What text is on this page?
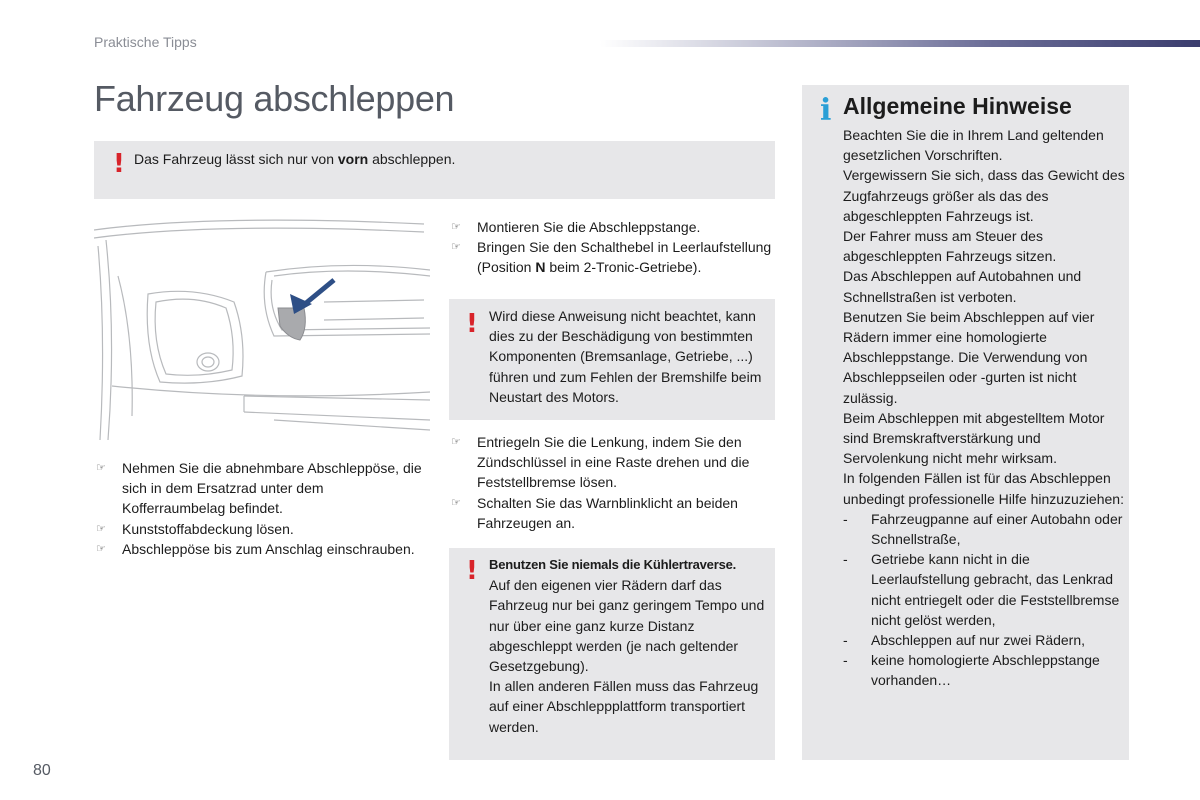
Praktische Tipps
Fahrzeug abschleppen
! Das Fahrzeug lässt sich nur von vorn abschleppen.
☞ Nehmen Sie die abnehmbare Abschleppöse, die sich in dem Ersatzrad unter dem Kofferraumbelag befindet.
☞ Kunststoffabdeckung lösen.
☞ Abschleppöse bis zum Anschlag einschrauben.
☞ Montieren Sie die Abschleppstange.
☞ Bringen Sie den Schalthebel in Leerlaufstellung (Position N beim 2-Tronic-Getriebe).
! Wird diese Anweisung nicht beachtet, kann dies zu der Beschädigung von bestimmten Komponenten (Bremsanlage, Getriebe, ...) führen und zum Fehlen der Bremshilfe beim Neustart des Motors.
☞ Entriegeln Sie die Lenkung, indem Sie den Zündschlüssel in eine Raste drehen und die Feststellbremse lösen.
☞ Schalten Sie das Warnblinklicht an beiden Fahrzeugen an.
! Benutzen Sie niemals die Kühlertraverse.
Auf den eigenen vier Rädern darf das Fahrzeug nur bei ganz geringem Tempo und nur über eine ganz kurze Distanz abgeschleppt werden (je nach geltender Gesetzgebung).
In allen anderen Fällen muss das Fahrzeug auf einer Abschleppplattform transportiert werden.
i Allgemeine Hinweise
Beachten Sie die in Ihrem Land geltenden gesetzlichen Vorschriften.
Vergewissern Sie sich, dass das Gewicht des Zugfahrzeugs größer als das des abgeschleppten Fahrzeugs ist.
Der Fahrer muss am Steuer des abgeschleppten Fahrzeugs sitzen.
Das Abschleppen auf Autobahnen und Schnellstraßen ist verboten.
Benutzen Sie beim Abschleppen auf vier Rädern immer eine homologierte Abschleppstange. Die Verwendung von Abschleppseilen oder -gurten ist nicht zulässig.
Beim Abschleppen mit abgestelltem Motor sind Bremskraftverstärkung und Servolenkung nicht mehr wirksam.
In folgenden Fällen ist für das Abschleppen unbedingt professionelle Hilfe hinzuzuziehen:
- Fahrzeugpanne auf einer Autobahn oder Schnellstraße,
- Getriebe kann nicht in die Leerlaufstellung gebracht, das Lenkrad nicht entriegelt oder die Feststellbremse nicht gelöst werden,
- Abschleppen auf nur zwei Rädern,
- keine homologierte Abschleppstange vorhanden…
80
